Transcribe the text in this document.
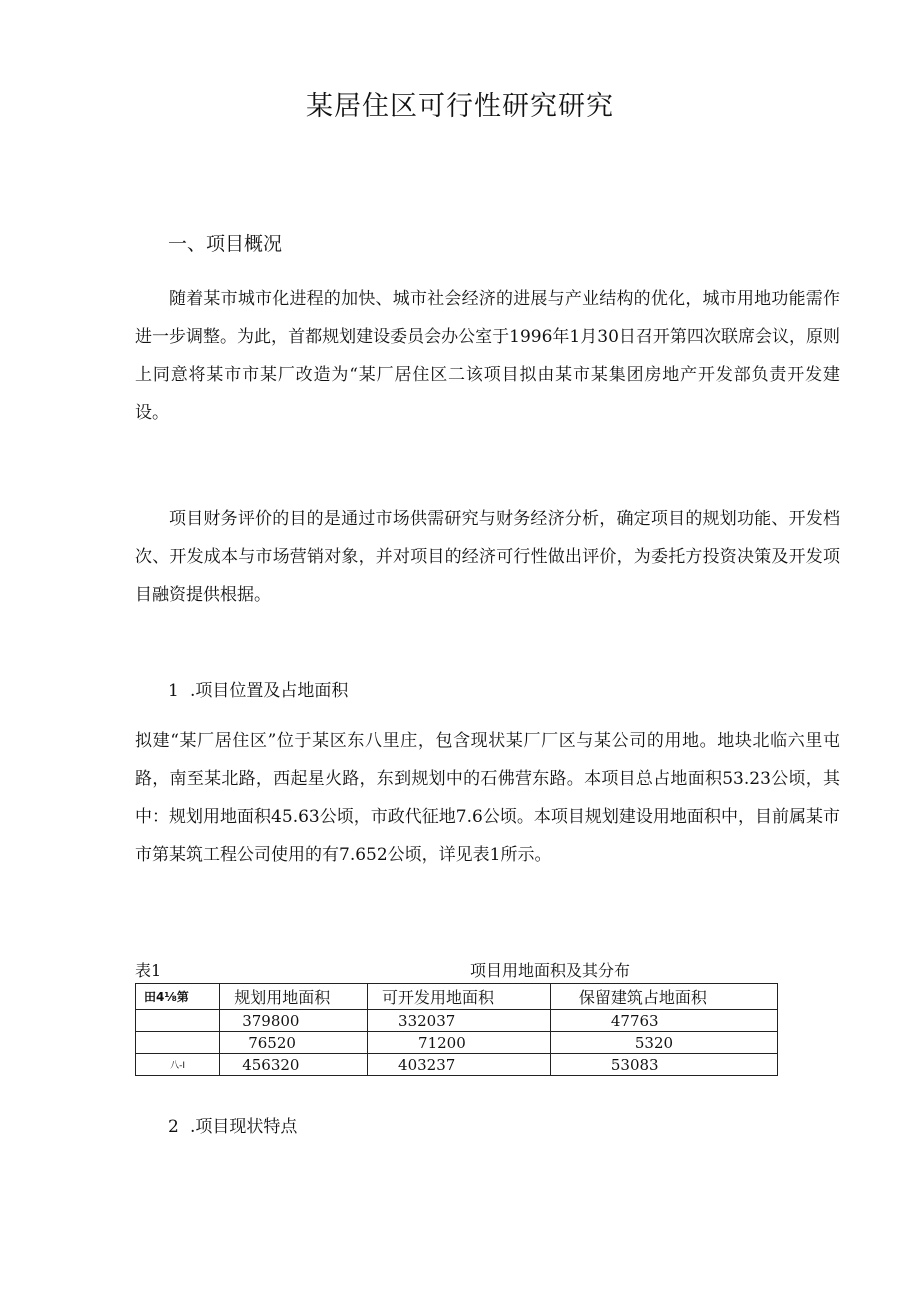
某居住区可行性研究研究
一、项目概况

随着某市城市化进程的加快、城市社会经济的进展与产业结构的优化，城市用地功能需作进一步调整。为此，首都规划建设委员会办公室于1996年1月30日召开第四次联席会议，原则上同意将某市市某厂改造为“某厂居住区二该项目拟由某市某集团房地产开发部负责开发建设。

项目财务评价的目的是通过市场供需研究与财务经济分析，确定项目的规划功能、开发档次、开发成本与市场营销对象，并对项目的经济可行性做出评价，为委托方投资决策及开发项目融资提供根据。

1 .项目位置及占地面积

拟建“某厂居住区”位于某区东八里庄，包含现状某厂厂区与某公司的用地。地块北临六里屯路，南至某北路，西起星火路，东到规划中的石佛营东路。本项目总占地面积53.23公顷，其中：规划用地面积45.63公顷，市政代征地7.6公顷。本项目规划建设用地面积中，目前属某市市第某筑工程公司使用的有7.652公顷，详见表1所示。

表1	项目用地面积及其分布

田4⅛第	规划用地面积	可开发用地面积	保留建筑占地面积
	379800	332037	47763
	76520	71200	5320
八-I	456320	403237	53083

2 .项目现状特点
